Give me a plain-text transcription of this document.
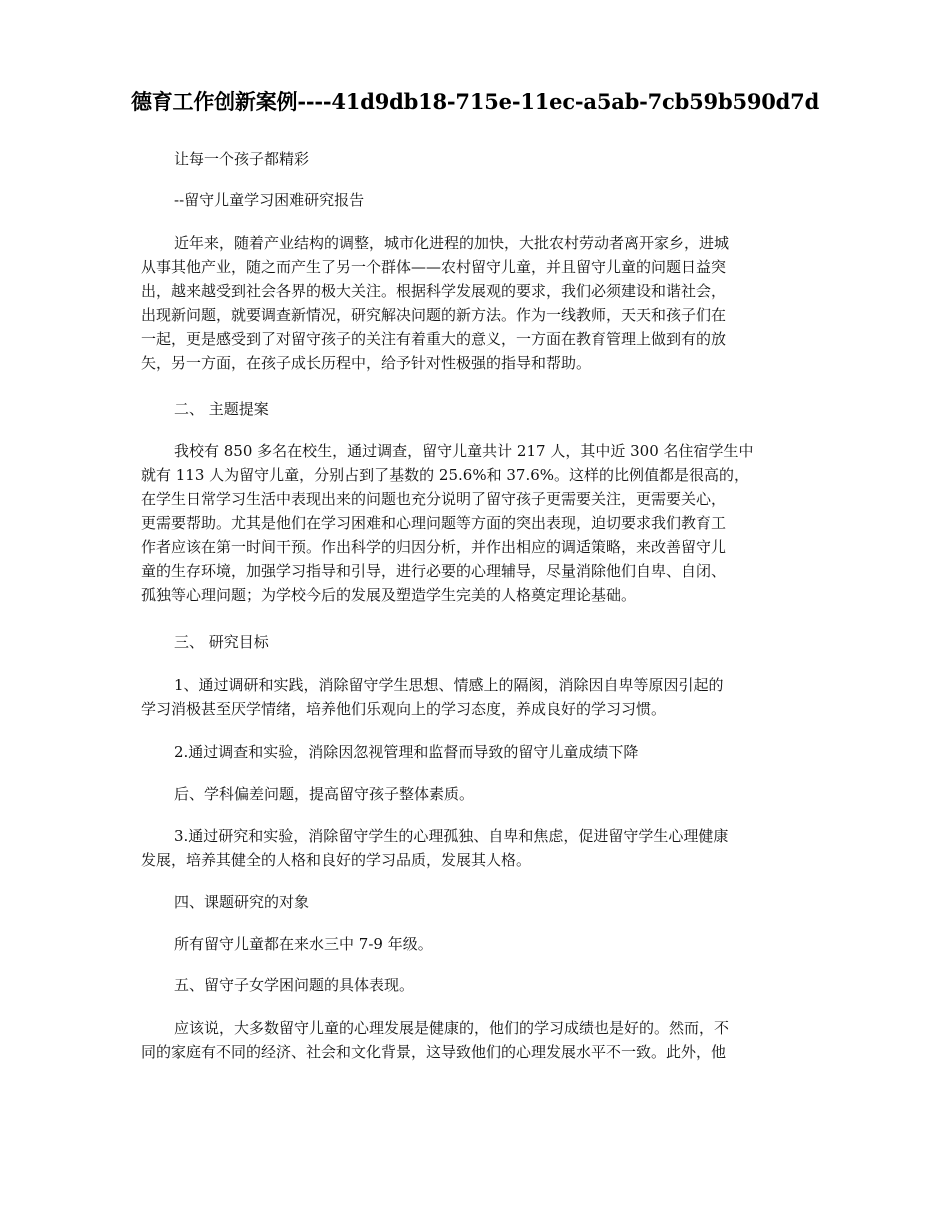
德育工作创新案例----41d9db18-715e-11ec-a5ab-7cb59b590d7d
让每一个孩子都精彩
--留守儿童学习困难研究报告
近年来，随着产业结构的调整，城市化进程的加快，大批农村劳动者离开家乡，进城
从事其他产业，随之而产生了另一个群体——农村留守儿童，并且留守儿童的问题日益突
出，越来越受到社会各界的极大关注。根据科学发展观的要求，我们必须建设和谐社会，
出现新问题，就要调查新情况，研究解决问题的新方法。作为一线教师，天天和孩子们在
一起，更是感受到了对留守孩子的关注有着重大的意义，一方面在教育管理上做到有的放
矢，另一方面，在孩子成长历程中，给予针对性极强的指导和帮助。
二、 主题提案
我校有 850 多名在校生，通过调查，留守儿童共计 217 人，其中近 300 名住宿学生中
就有 113 人为留守儿童，分别占到了基数的 25.6%和 37.6%。这样的比例值都是很高的，
在学生日常学习生活中表现出来的问题也充分说明了留守孩子更需要关注，更需要关心，
更需要帮助。尤其是他们在学习困难和心理问题等方面的突出表现，迫切要求我们教育工
作者应该在第一时间干预。作出科学的归因分析，并作出相应的调适策略，来改善留守儿
童的生存环境，加强学习指导和引导，进行必要的心理辅导，尽量消除他们自卑、自闭、
孤独等心理问题；为学校今后的发展及塑造学生完美的人格奠定理论基础。
三、 研究目标
1、通过调研和实践，消除留守学生思想、情感上的隔阂，消除因自卑等原因引起的
学习消极甚至厌学情绪，培养他们乐观向上的学习态度，养成良好的学习习惯。
2.通过调查和实验，消除因忽视管理和监督而导致的留守儿童成绩下降
后、学科偏差问题，提高留守孩子整体素质。
3.通过研究和实验，消除留守学生的心理孤独、自卑和焦虑，促进留守学生心理健康
发展，培养其健全的人格和良好的学习品质，发展其人格。
四、课题研究的对象
所有留守儿童都在来水三中 7-9 年级。
五、留守子女学困问题的具体表现。
应该说，大多数留守儿童的心理发展是健康的，他们的学习成绩也是好的。然而，不
同的家庭有不同的经济、社会和文化背景，这导致他们的心理发展水平不一致。此外，他
